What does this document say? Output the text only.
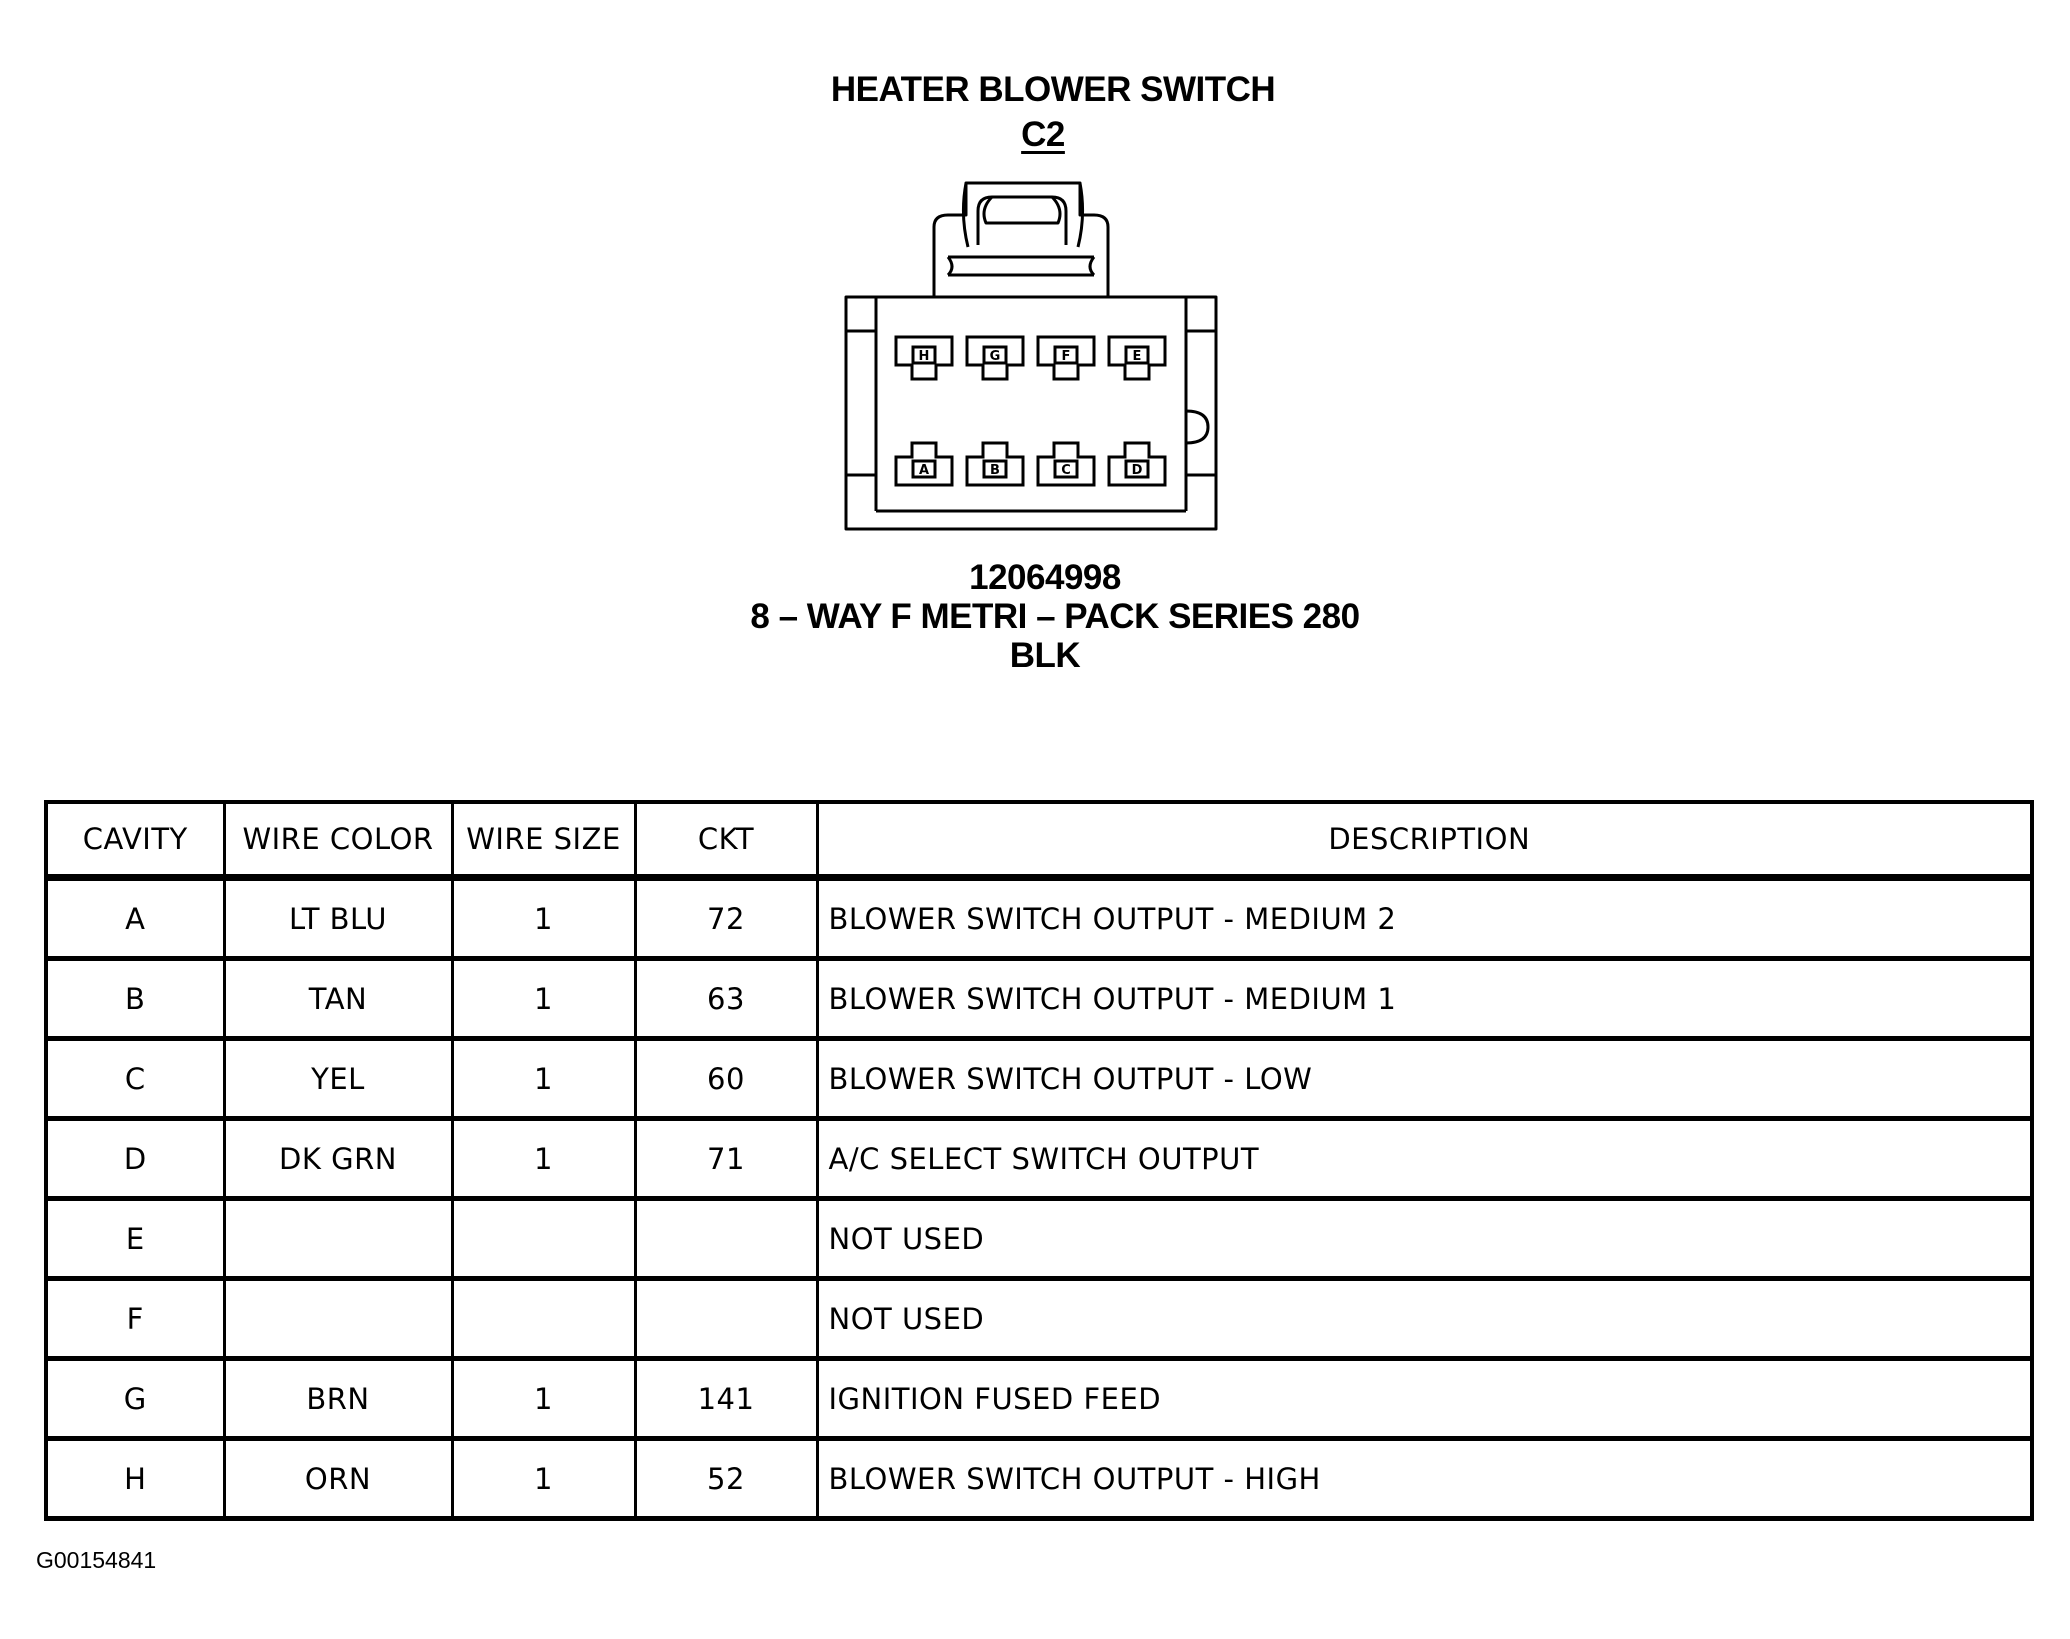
HEATER BLOWER SWITCH
C2
H	G	F	E
A	B	C	D
12064998
8 – WAY F METRI – PACK SERIES 280
BLK
CAVITY	WIRE COLOR	WIRE SIZE	CKT	DESCRIPTION
A	LT BLU	1	72	BLOWER SWITCH OUTPUT - MEDIUM 2
B	TAN	1	63	BLOWER SWITCH OUTPUT - MEDIUM 1
C	YEL	1	60	BLOWER SWITCH OUTPUT - LOW
D	DK GRN	1	71	A/C SELECT SWITCH OUTPUT
E				NOT USED
F				NOT USED
G	BRN	1	141	IGNITION FUSED FEED
H	ORN	1	52	BLOWER SWITCH OUTPUT - HIGH
G00154841
